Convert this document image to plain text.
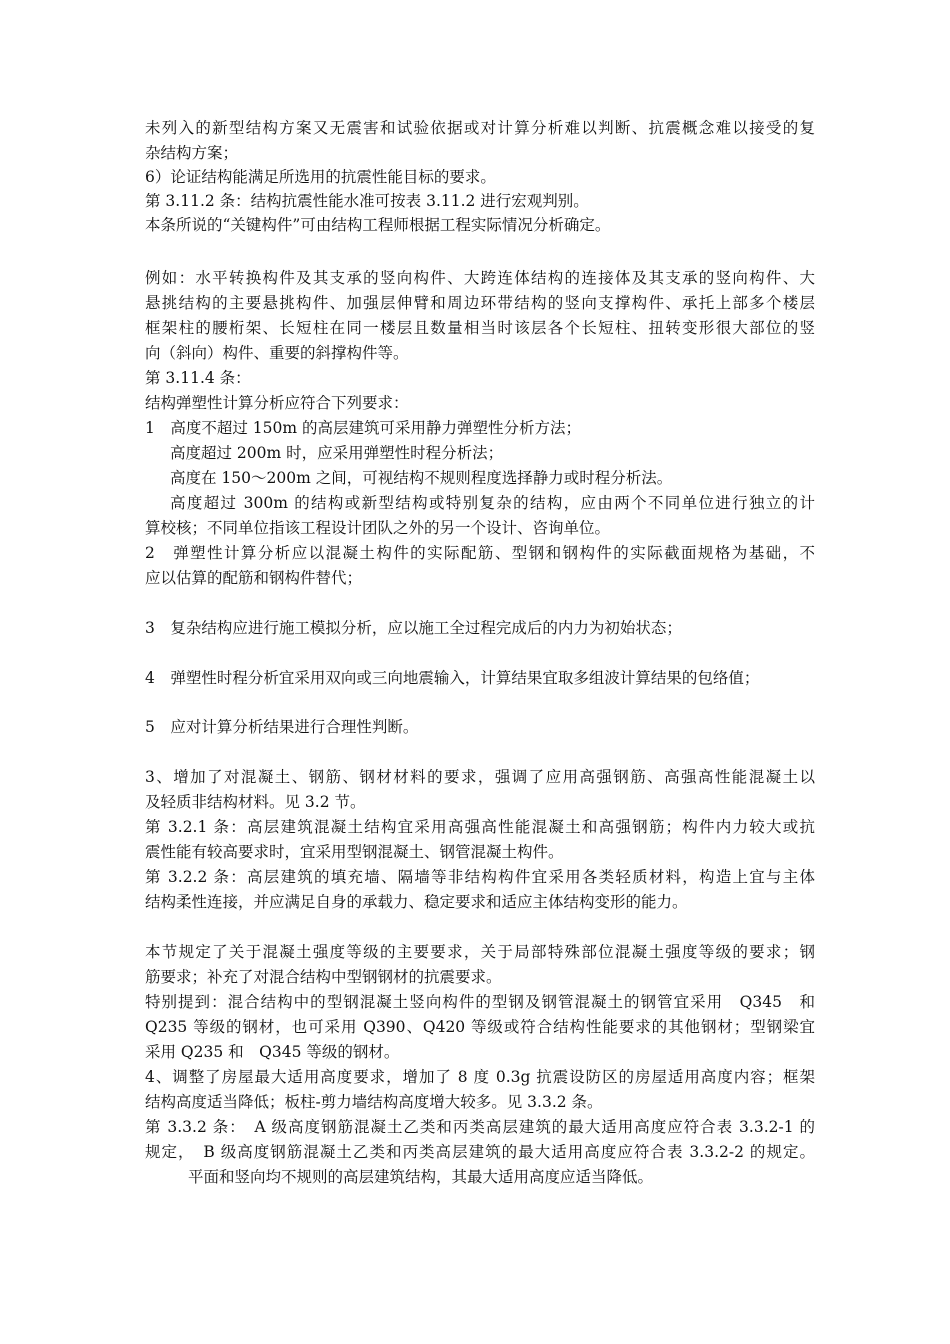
未列入的新型结构方案又无震害和试验依据或对计算分析难以判断、抗震概念难以接受的复
杂结构方案；
6）论证结构能满足所选用的抗震性能目标的要求。
第 3.11.2 条：结构抗震性能水准可按表 3.11.2 进行宏观判别。
本条所说的“关键构件”可由结构工程师根据工程实际情况分析确定。
例如：水平转换构件及其支承的竖向构件、大跨连体结构的连接体及其支承的竖向构件、大
悬挑结构的主要悬挑构件、加强层伸臂和周边环带结构的竖向支撑构件、承托上部多个楼层
框架柱的腰桁架、长短柱在同一楼层且数量相当时该层各个长短柱、扭转变形很大部位的竖
向（斜向）构件、重要的斜撑构件等。
第 3.11.4 条：
结构弹塑性计算分析应符合下列要求：
1　高度不超过 150m 的高层建筑可采用静力弹塑性分析方法；
高度超过 200m 时，应采用弹塑性时程分析法；
高度在 150～200m 之间，可视结构不规则程度选择静力或时程分析法。
高度超过 300m 的结构或新型结构或特别复杂的结构，应由两个不同单位进行独立的计
算校核；不同单位指该工程设计团队之外的另一个设计、咨询单位。
2　弹塑性计算分析应以混凝土构件的实际配筋、型钢和钢构件的实际截面规格为基础，不
应以估算的配筋和钢构件替代；
3　复杂结构应进行施工模拟分析，应以施工全过程完成后的内力为初始状态；
4　弹塑性时程分析宜采用双向或三向地震输入，计算结果宜取多组波计算结果的包络值；
5　应对计算分析结果进行合理性判断。
3、增加了对混凝土、钢筋、钢材材料的要求，强调了应用高强钢筋、高强高性能混凝土以
及轻质非结构材料。见 3.2 节。
第 3.2.1 条：高层建筑混凝土结构宜采用高强高性能混凝土和高强钢筋；构件内力较大或抗
震性能有较高要求时，宜采用型钢混凝土、钢管混凝土构件。
第 3.2.2 条：高层建筑的填充墙、隔墙等非结构构件宜采用各类轻质材料，构造上宜与主体
结构柔性连接，并应满足自身的承载力、稳定要求和适应主体结构变形的能力。
本节规定了关于混凝土强度等级的主要要求，关于局部特殊部位混凝土强度等级的要求；钢
筋要求；补充了对混合结构中型钢钢材的抗震要求。
特别提到：混合结构中的型钢混凝土竖向构件的型钢及钢管混凝土的钢管宜采用　Q345　和
Q235 等级的钢材，也可采用 Q390、Q420 等级或符合结构性能要求的其他钢材；型钢梁宜
采用 Q235 和　Q345 等级的钢材。
4、调整了房屋最大适用高度要求，增加了 8 度 0.3g 抗震设防区的房屋适用高度内容；框架
结构高度适当降低；板柱-剪力墙结构高度增大较多。见 3.3.2 条。
第 3.3.2 条：　A 级高度钢筋混凝土乙类和丙类高层建筑的最大适用高度应符合表 3.3.2-1 的
规定，　B 级高度钢筋混凝土乙类和丙类高层建筑的最大适用高度应符合表 3.3.2-2 的规定。
平面和竖向均不规则的高层建筑结构，其最大适用高度应适当降低。
